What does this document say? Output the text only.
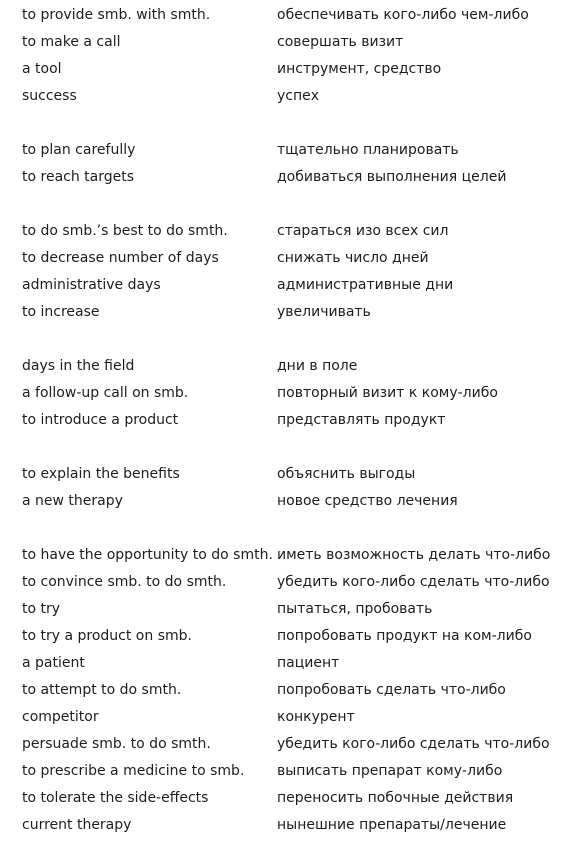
to provide smb. with smth.	обеспечивать кого-либо чем-либо
to make a call	совершать визит
a tool	инструмент, средство
success	успех
to plan carefully	тщательно планировать
to reach targets	добиваться выполнения целей
to do smb.’s best to do smth.	стараться изо всех сил
to decrease number of days	снижать число дней
administrative days	административные дни
to increase	увеличивать
days in the field	дни в поле
a follow-up call on smb.	повторный визит к кому-либо
to introduce a product	представлять продукт
to explain the benefits	объяснить выгоды
a new therapy	новое средство лечения
to have the opportunity to do smth. иметь возможность делать что-либо
to convince smb. to do smth.	убедить кого-либо сделать что-либо
to try	пытаться, пробовать
to try a product on smb.	попробовать продукт на ком-либо
a patient	пациент
to attempt to do smth.	попробовать сделать что-либо
competitor	конкурент
persuade smb. to do smth.	убедить кого-либо сделать что-либо
to prescribe a medicine to smb.	выписать препарат кому-либо
to tolerate the side-effects	переносить побочные действия
current therapy	нынешние препараты/лечение
